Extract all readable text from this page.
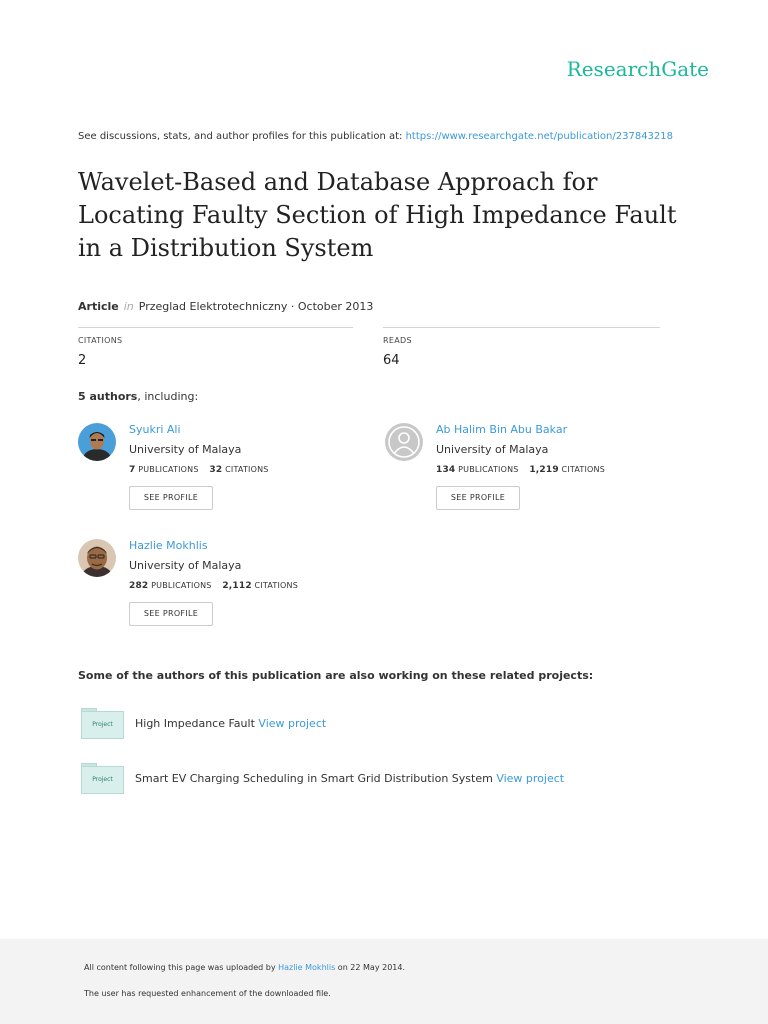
ResearchGate
See discussions, stats, and author profiles for this publication at: https://www.researchgate.net/publication/237843218
Wavelet-Based and Database Approach for Locating Faulty Section of High Impedance Fault in a Distribution System
Article in Przeglad Elektrotechniczny · October 2013
CITATIONS
2
READS
64
5 authors, including:
Syukri Ali
University of Malaya
7 PUBLICATIONS 32 CITATIONS
SEE PROFILE
Ab Halim Bin Abu Bakar
University of Malaya
134 PUBLICATIONS 1,219 CITATIONS
SEE PROFILE
Hazlie Mokhlis
University of Malaya
282 PUBLICATIONS 2,112 CITATIONS
SEE PROFILE
Some of the authors of this publication are also working on these related projects:
Project	High Impedance Fault View project
Project	Smart EV Charging Scheduling in Smart Grid Distribution System View project
All content following this page was uploaded by Hazlie Mokhlis on 22 May 2014.
The user has requested enhancement of the downloaded file.
